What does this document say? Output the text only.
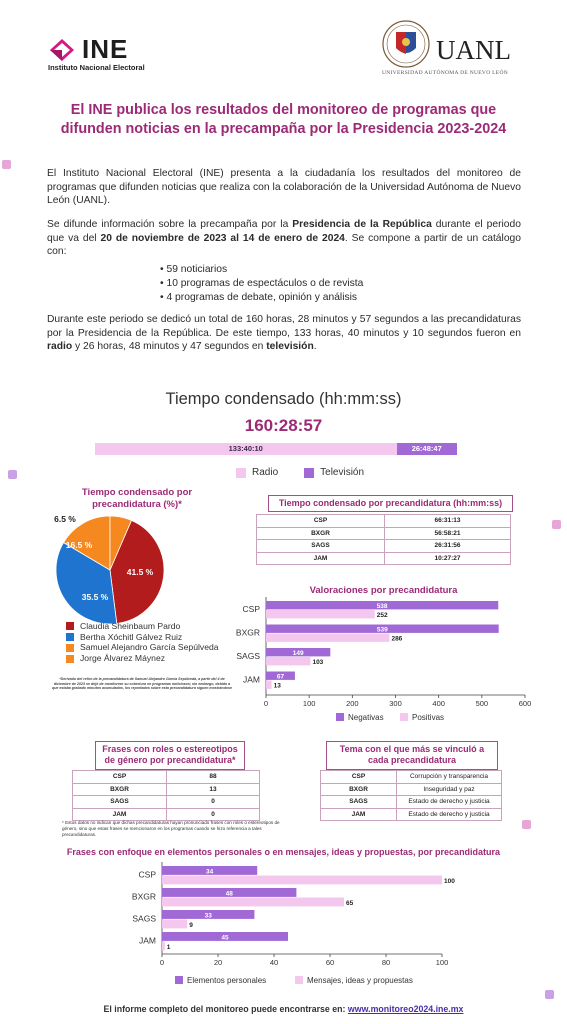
INE
Instituto Nacional Electoral
UANL
UNIVERSIDAD AUTÓNOMA DE NUEVO LEÓN
El INE publica los resultados del monitoreo de programas que difunden noticias en la precampaña por la Presidencia 2023-2024

El Instituto Nacional Electoral (INE) presenta a la ciudadanía los resultados del monitoreo de programas que difunden noticias que realiza con la colaboración de la Universidad Autónoma de Nuevo León (UANL).

Se difunde información sobre la precampaña por la Presidencia de la República durante el periodo que va del 20 de noviembre de 2023 al 14 de enero de 2024. Se compone a partir de un catálogo con:

• 59 noticiarios
• 10 programas de espectáculos o de revista
• 4 programas de debate, opinión y análisis

Durante este periodo se dedicó un total de 160 horas, 28 minutos y 57 segundos a las precandidaturas por la Presidencia de la República. De este tiempo, 133 horas, 40 minutos y 10 segundos fueron en radio y 26 horas, 48 minutos y 47 segundos en televisión.

Tiempo condensado (hh:mm:ss)
160:28:57
133:40:10	26:48:47
Radio	Televisión
Tiempo condensado por precandidatura (%)*
41.5 %
35.5 %
16.5 %
6.5 %
Claudia Sheinbaum Pardo
Bertha Xóchitl Gálvez Ruiz
Samuel Alejandro García Sepúlveda
Jorge Álvarez Máynez
*Derivado del retiro de la precandidatura de Samuel Alejandro García Sepúlveda, a partir del 4 de diciembre de 2023 se dejó de monitorear su cobertura en programas noticiosos; sin embargo, debido a que estaba grabado minutos acumulados, los reportados sobre esta precandidatura siguen mostrándose
Tiempo condensado por precandidatura (hh:mm:ss)
CSP	66:31:13
BXGR	56:58:21
SAGS	26:31:56
JAM	10:27:27
Valoraciones por precandidatura
0	100	200	300	400	500	600
CSP	538
252
BXGR	539
286
SAGS	149
103
JAM	67
13
Negativas	Positivas
Frases con roles o estereotipos de género por precandidatura*
CSP	88
BXGR	13
SAGS	0
JAM	0
Tema con el que más se vinculó a cada precandidatura
CSP	Corrupción y transparencia
BXGR	Inseguridad y paz
SAGS	Estado de derecho y justicia
JAM	Estado de derecho y justicia
* Estos datos no indican que dichas precandidaturas hayan pronunciado frases con roles o estereotipos de género, sino que estas frases se mencionaron en los programas cuando se hizo referencia a tales precandidaturas.
Frases con enfoque en elementos personales o en mensajes, ideas y propuestas, por precandidatura
0	20	40	60	80	100
CSP	34
100
BXGR	48
65
SAGS	33
9
JAM	45
1
Elementos personales	Mensajes, ideas y propuestas
El informe completo del monitoreo puede encontrarse en: www.monitoreo2024.ine.mx
